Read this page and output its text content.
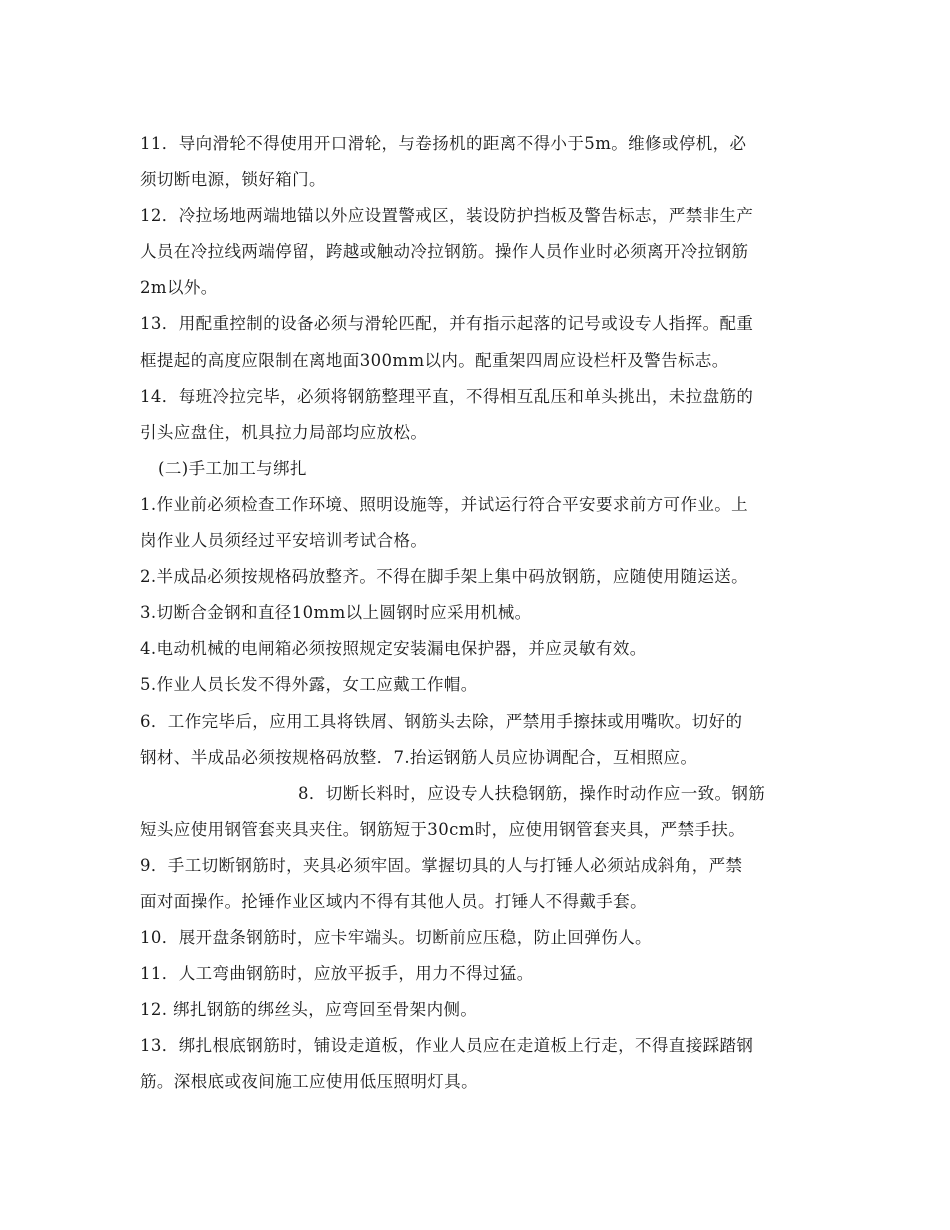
11．导向滑轮不得使用开口滑轮，与卷扬机的距离不得小于5m。维修或停机，必
须切断电源，锁好箱门。
12．冷拉场地两端地锚以外应设置警戒区，装设防护挡板及警告标志，严禁非生产
人员在冷拉线两端停留，跨越或触动冷拉钢筋。操作人员作业时必须离开冷拉钢筋
2m以外。
13．用配重控制的设备必须与滑轮匹配，并有指示起落的记号或设专人指挥。配重
框提起的高度应限制在离地面300mm以内。配重架四周应设栏杆及警告标志。
14．每班冷拉完毕，必须将钢筋整理平直，不得相互乱压和单头挑出，未拉盘筋的
引头应盘住，机具拉力局部均应放松。
(二)手工加工与绑扎
1.作业前必须检查工作环境、照明设施等，并试运行符合平安要求前方可作业。上
岗作业人员须经过平安培训考试合格。
2.半成品必须按规格码放整齐。不得在脚手架上集中码放钢筋，应随使用随运送。
3.切断合金钢和直径10mm以上圆钢时应采用机械。
4.电动机械的电闸箱必须按照规定安装漏电保护器，并应灵敏有效。
5.作业人员长发不得外露，女工应戴工作帽。
6．工作完毕后，应用工具将铁屑、钢筋头去除，严禁用手擦抹或用嘴吹。切好的
钢材、半成品必须按规格码放整．7.抬运钢筋人员应协调配合，互相照应。
8．切断长料时，应设专人扶稳钢筋，操作时动作应一致。钢筋
短头应使用钢管套夹具夹住。钢筋短于30cm时，应使用钢管套夹具，严禁手扶。
9．手工切断钢筋时，夹具必须牢固。掌握切具的人与打锤人必须站成斜角，严禁
面对面操作。抡锤作业区域内不得有其他人员。打锤人不得戴手套。
10．展开盘条钢筋时，应卡牢端头。切断前应压稳，防止回弹伤人。
11．人工弯曲钢筋时，应放平扳手，用力不得过猛。
12. 绑扎钢筋的绑丝头，应弯回至骨架内侧。
13．绑扎根底钢筋时，铺设走道板，作业人员应在走道板上行走，不得直接踩踏钢
筋。深根底或夜间施工应使用低压照明灯具。
